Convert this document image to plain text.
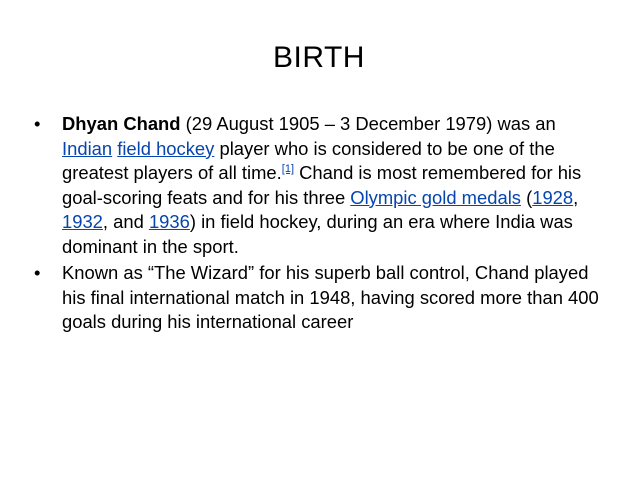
BIRTH
•	Dhyan Chand (29 August 1905 – 3 December 1979) was an Indian field hockey player who is considered to be one of the greatest players of all time.[1] Chand is most remembered for his goal-scoring feats and for his three Olympic gold medals (1928, 1932, and 1936) in field hockey, during an era where India was dominant in the sport.
•	Known as “The Wizard” for his superb ball control, Chand played his final international match in 1948, having scored more than 400 goals during his international career
